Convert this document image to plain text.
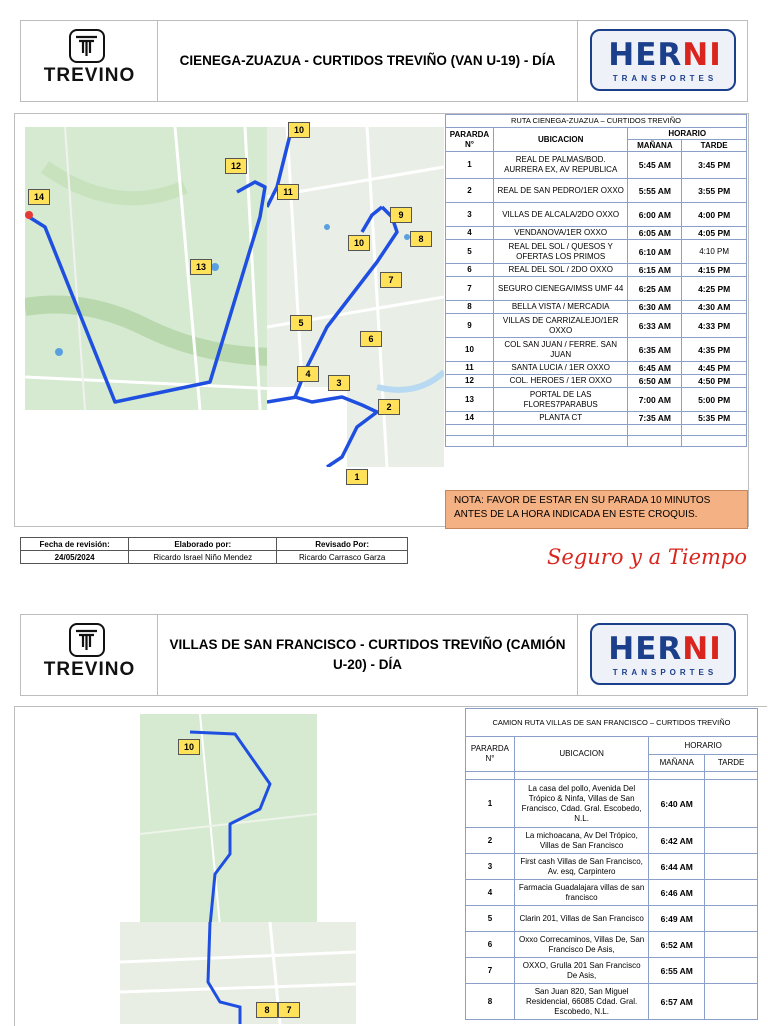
TREVINO
CIENEGA-ZUAZUA - CURTIDOS TREVIÑO (VAN U-19) - DÍA	HERNI
TRANSPORTES
14
13
12
10
11
10
9
8
7
6
5
4
3
2
1
RUTA CIENEGA-ZUAZUA – CURTIDOS TREVIÑO			
PARARDA N°	UBICACION	HORARIO	
		MAÑANA	TARDE
1	REAL DE PALMAS/BOD. AURRERA EX, AV REPUBLICA	5:45 AM	3:45 PM
2	REAL DE SAN PEDRO/1ER OXXO	5:55 AM	3:55 PM
3	VILLAS DE ALCALA/2DO OXXO	6:00 AM	4:00 PM
4	VENDANOVA/1ER OXXO	6:05 AM	4:05 PM
5	REAL DEL SOL / QUESOS Y OFERTAS LOS PRIMOS	6:10 AM	4:10 PM
6	REAL DEL SOL / 2DO OXXO	6:15 AM	4:15 PM
7	SEGURO CIENEGA/IMSS UMF 44	6:25 AM	4:25 PM
8	BELLA VISTA / MERCADIA	6:30 AM	4:30 AM
9	VILLAS DE CARRIZALEJO/1ER OXXO	6:33 AM	4:33 PM
10	COL SAN JUAN / FERRE. SAN JUAN	6:35 AM	4:35 PM
11	SANTA LUCIA / 1ER OXXO	6:45 AM	4:45 PM
12	COL. HEROES / 1ER OXXO	6:50 AM	4:50 PM
13	PORTAL DE LAS FLORES7PARABUS	7:00 AM	5:00 PM
14	PLANTA CT	7:35 AM	5:35 PM

NOTA: FAVOR DE ESTAR EN SU PARADA 10 MINUTOS ANTES DE LA HORA INDICADA EN ESTE CROQUIS.
Fecha de revisión:	Elaborado por:	Revisado Por:
24/05/2024	Ricardo Israel Niño Mendez	Ricardo Carrasco Garza	Seguro y a Tiempo
TREVINO
VILLAS DE SAN FRANCISCO - CURTIDOS TREVIÑO (CAMIÓN U-20) - DÍA	HERNI
TRANSPORTES
10
8	7
CAMION RUTA VILLAS DE SAN FRANCISCO – CURTIDOS TREVIÑO			
PARARDA N°	UBICACION	HORARIO	
		MAÑANA	TARDE

1	La casa del pollo, Avenida Del Trópico & Ninfa, Villas de San Francisco, Cdad. Gral. Escobedo, N.L.	6:40 AM	
2	La michoacana, Av Del Trópico, Villas de San Francisco	6:42 AM	
3	First cash Villas de San Francisco, Av. esq, Carpintero	6:44 AM	
4	Farmacia Guadalajara villas de san francisco	6:46 AM	
5	Clarin 201, Villas de San Francisco	6:49 AM	
6	Oxxo Correcaminos, Villas De, San Francisco De Asis,	6:52 AM	
7	OXXO, Grulla 201 San Francisco De Asis,	6:55 AM	
8	San Juan 820, San Miguel Residencial, 66085 Cdad. Gral. Escobedo, N.L.	6:57 AM	
